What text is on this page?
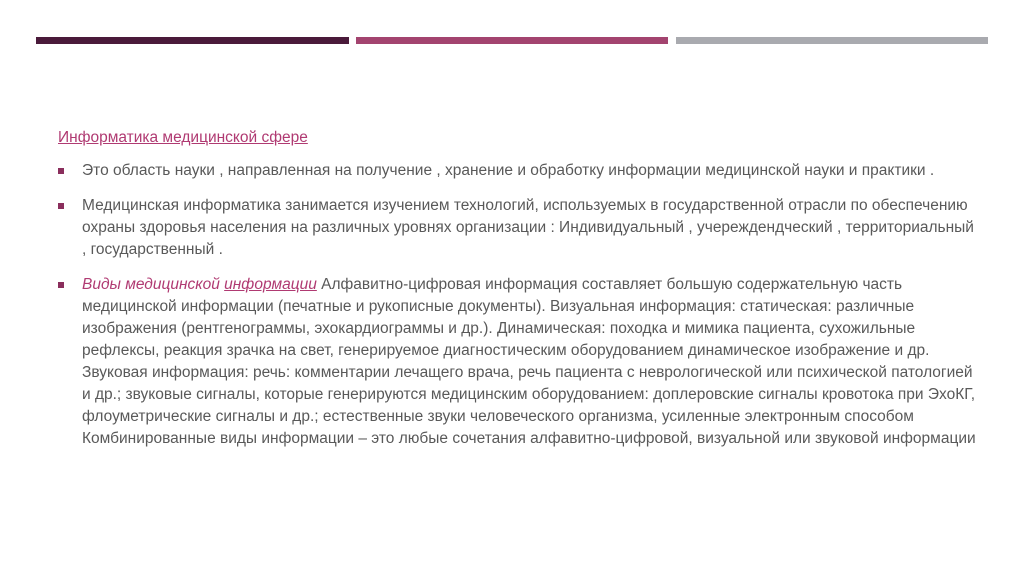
Информатика медицинской сфере
Это область науки , направленная на получение , хранение и обработку информации медицинской науки и практики .
Медицинская информатика занимается изучением технологий, используемых в государственной отрасли по обеспечению охраны здоровья населения на различных уровнях организации : Индивидуальный , учереждендческий , территориальный , государственный .
Виды медицинской информации Алфавитно-цифровая информация составляет большую содержательную часть медицинской информации (печатные и рукописные документы). Визуальная информация: статическая: различные изображения (рентгенограммы, эхокардиограммы и др.). Динамическая: походка и мимика пациента, сухожильные рефлексы, реакция зрачка на свет, генерируемое диагностическим оборудованием динамическое изображение и др. Звуковая информация: речь: комментарии лечащего врача, речь пациента с неврологической или психической патологией и др.; звуковые сигналы, которые генерируются медицинским оборудованием: доплеровские сигналы кровотока при ЭхоКГ, флоуметрические сигналы и др.; естественные звуки человеческого организма, усиленные электронным способом Комбинированные виды информации – это любые сочетания алфавитно-цифровой, визуальной или звуковой информации
